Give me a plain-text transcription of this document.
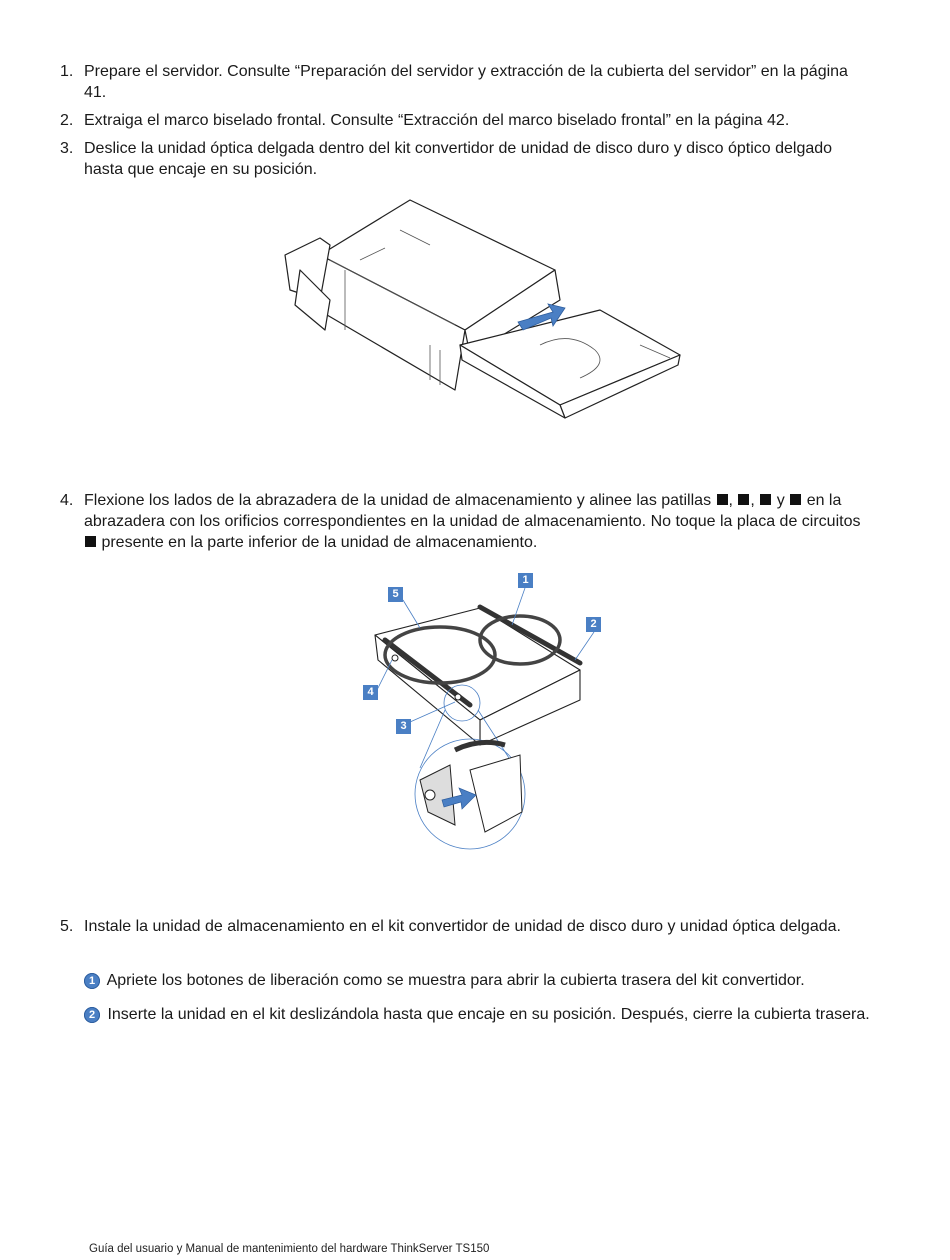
1. Prepare el servidor. Consulte “Preparación del servidor y extracción de la cubierta del servidor” en la página 41.
2. Extraiga el marco biselado frontal. Consulte “Extracción del marco biselado frontal” en la página 42.
3. Deslice la unidad óptica delgada dentro del kit convertidor de unidad de disco duro y disco óptico delgado hasta que encaje en su posición.
4. Flexione los lados de la abrazadera de la unidad de almacenamiento y alinee las patillas , , y en la abrazadera con los orificios correspondientes en la unidad de almacenamiento. No toque la placa de circuitos  presente en la parte inferior de la unidad de almacenamiento.
1
2
3
4
5
5. Instale la unidad de almacenamiento en el kit convertidor de unidad de disco duro y unidad óptica delgada.
1 Apriete los botones de liberación como se muestra para abrir la cubierta trasera del kit convertidor.
2 Inserte la unidad en el kit deslizándola hasta que encaje en su posición. Después, cierre la cubierta trasera.
Guía del usuario y Manual de mantenimiento del hardware ThinkServer TS150
